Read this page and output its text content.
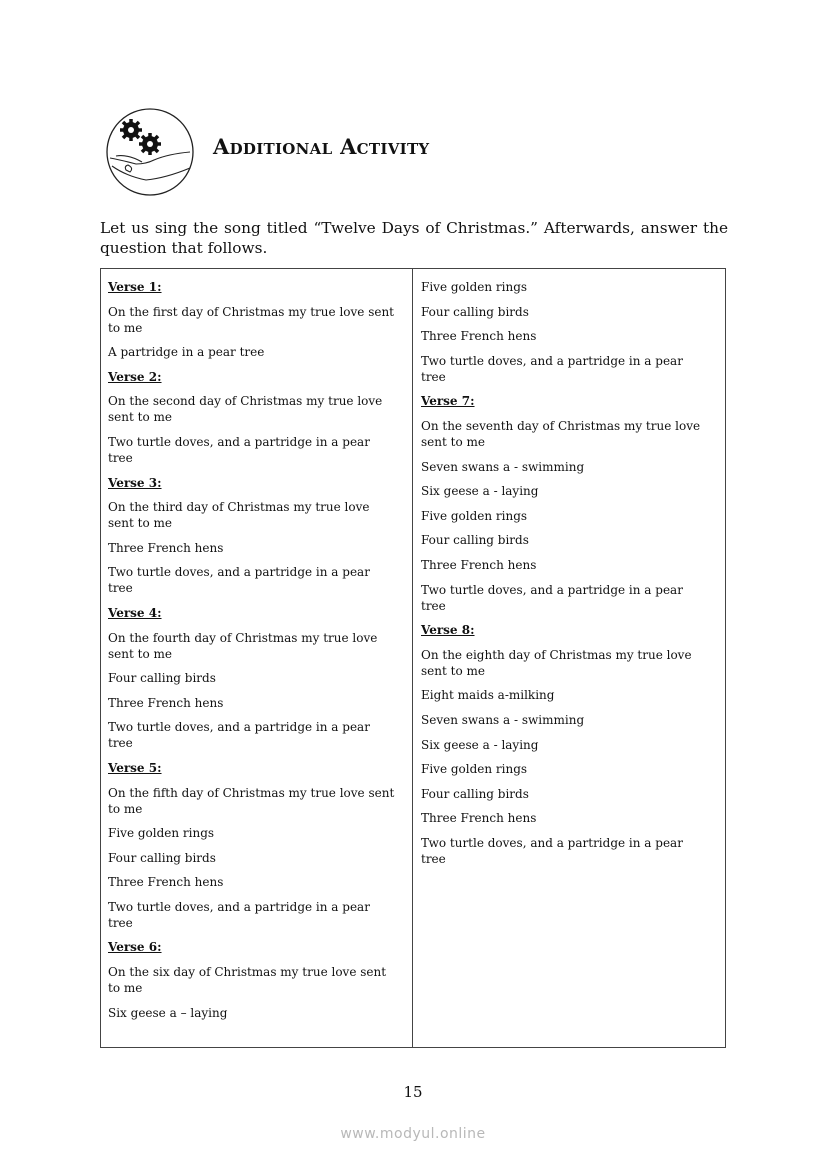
Additional Activity
Let us sing the song titled “Twelve Days of Christmas.” Afterwards, answer the question that follows.
Verse 1:
On the first day of Christmas my true love sent to me
A partridge in a pear tree
Verse 2:
On the second day of Christmas my true love sent to me
Two turtle doves, and a partridge in a pear tree
Verse 3:
On the third day of Christmas my true love sent to me
Three French hens
Two turtle doves, and a partridge in a pear tree
Verse 4:
On the fourth day of Christmas my true love sent to me
Four calling birds
Three French hens
Two turtle doves, and a partridge in a pear tree
Verse 5:
On the fifth day of Christmas my true love sent to me
Five golden rings
Four calling birds
Three French hens
Two turtle doves, and a partridge in a pear tree
Verse 6:
On the six day of Christmas my true love sent to me
Six geese a – laying
Five golden rings
Four calling birds
Three French hens
Two turtle doves, and a partridge in a pear tree
Verse 7:
On the seventh day of Christmas my true love sent to me
Seven swans a - swimming
Six geese a - laying
Five golden rings
Four calling birds
Three French hens
Two turtle doves, and a partridge in a pear tree
Verse 8:
On the eighth day of Christmas my true love sent to me
Eight maids a-milking
Seven swans a - swimming
Six geese a - laying
Five golden rings
Four calling birds
Three French hens
Two turtle doves, and a partridge in a pear tree
15
www.modyul.online
